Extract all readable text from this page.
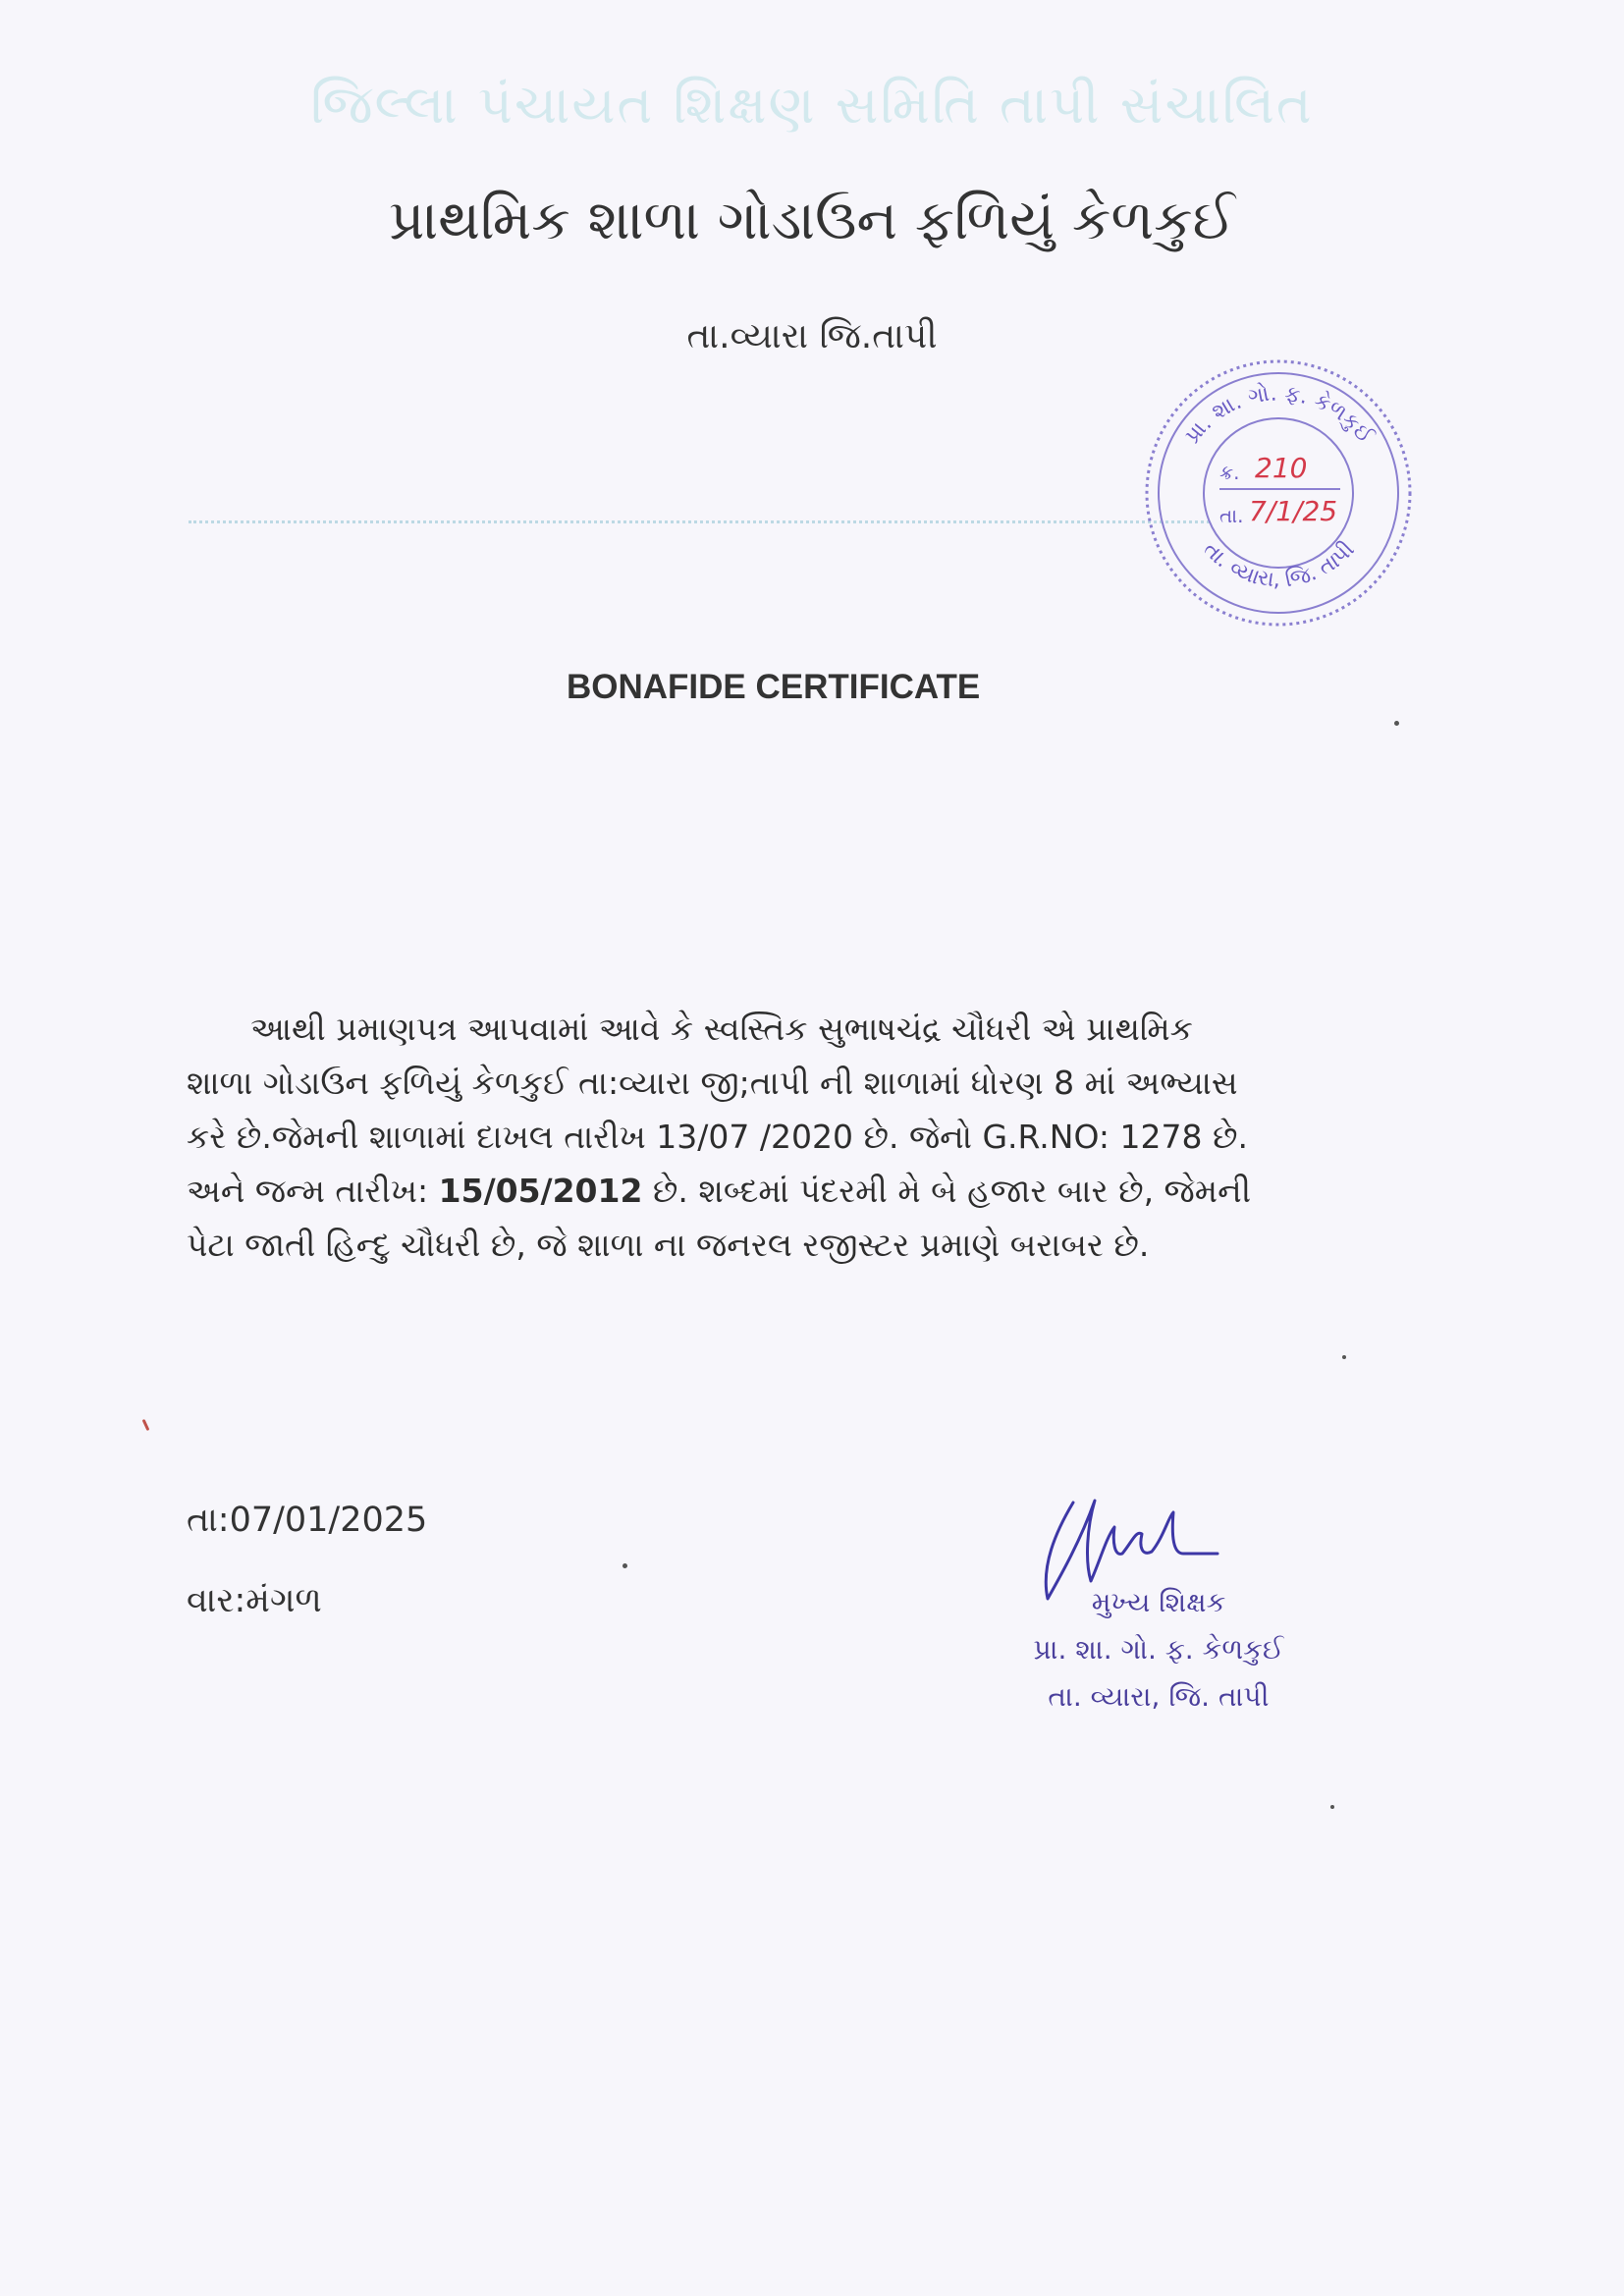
જિલ્લા પંચાયત શિક્ષણ સમિતિ તાપી સંચાલિત
પ્રાથમિક શાળા ગોડાઉન ફળિયું કેળકુઈ
તા.વ્યારા જિ.તાપી
પ્રા. શા. ગો. ફ. કેળકુઈ
તા. વ્યારા, જિ. તાપી
ક્ર. 210
તા. 7/1/25
BONAFIDE CERTIFICATE
આથી પ્રમાણપત્ર આપવામાં આવે કે સ્વસ્તિક સુભાષચંદ્ર ચૌધરી એ પ્રાથમિક
શાળા ગોડાઉન ફળિયું કેળકુઈ તા:વ્યારા જી;તાપી ની શાળામાં ધોરણ 8 માં અભ્યાસ
કરે છે.જેમની શાળામાં દાખલ તારીખ 13/07 /2020 છે. જેનો G.R.NO: 1278 છે.
અને જન્મ તારીખ: 15/05/2012 છે. શબ્દમાં પંદરમી મે બે હજાર બાર છે, જેમની
પેટા જાતી હિન્દુ ચૌધરી છે, જે શાળા ના જનરલ રજીસ્ટર પ્રમાણે બરાબર છે.
તા:07/01/2025
વાર:મંગળ	મુખ્ય શિક્ષક
પ્રા. શા. ગો. ફ. કેળકુઈ
તા. વ્યારા, જિ. તાપી
